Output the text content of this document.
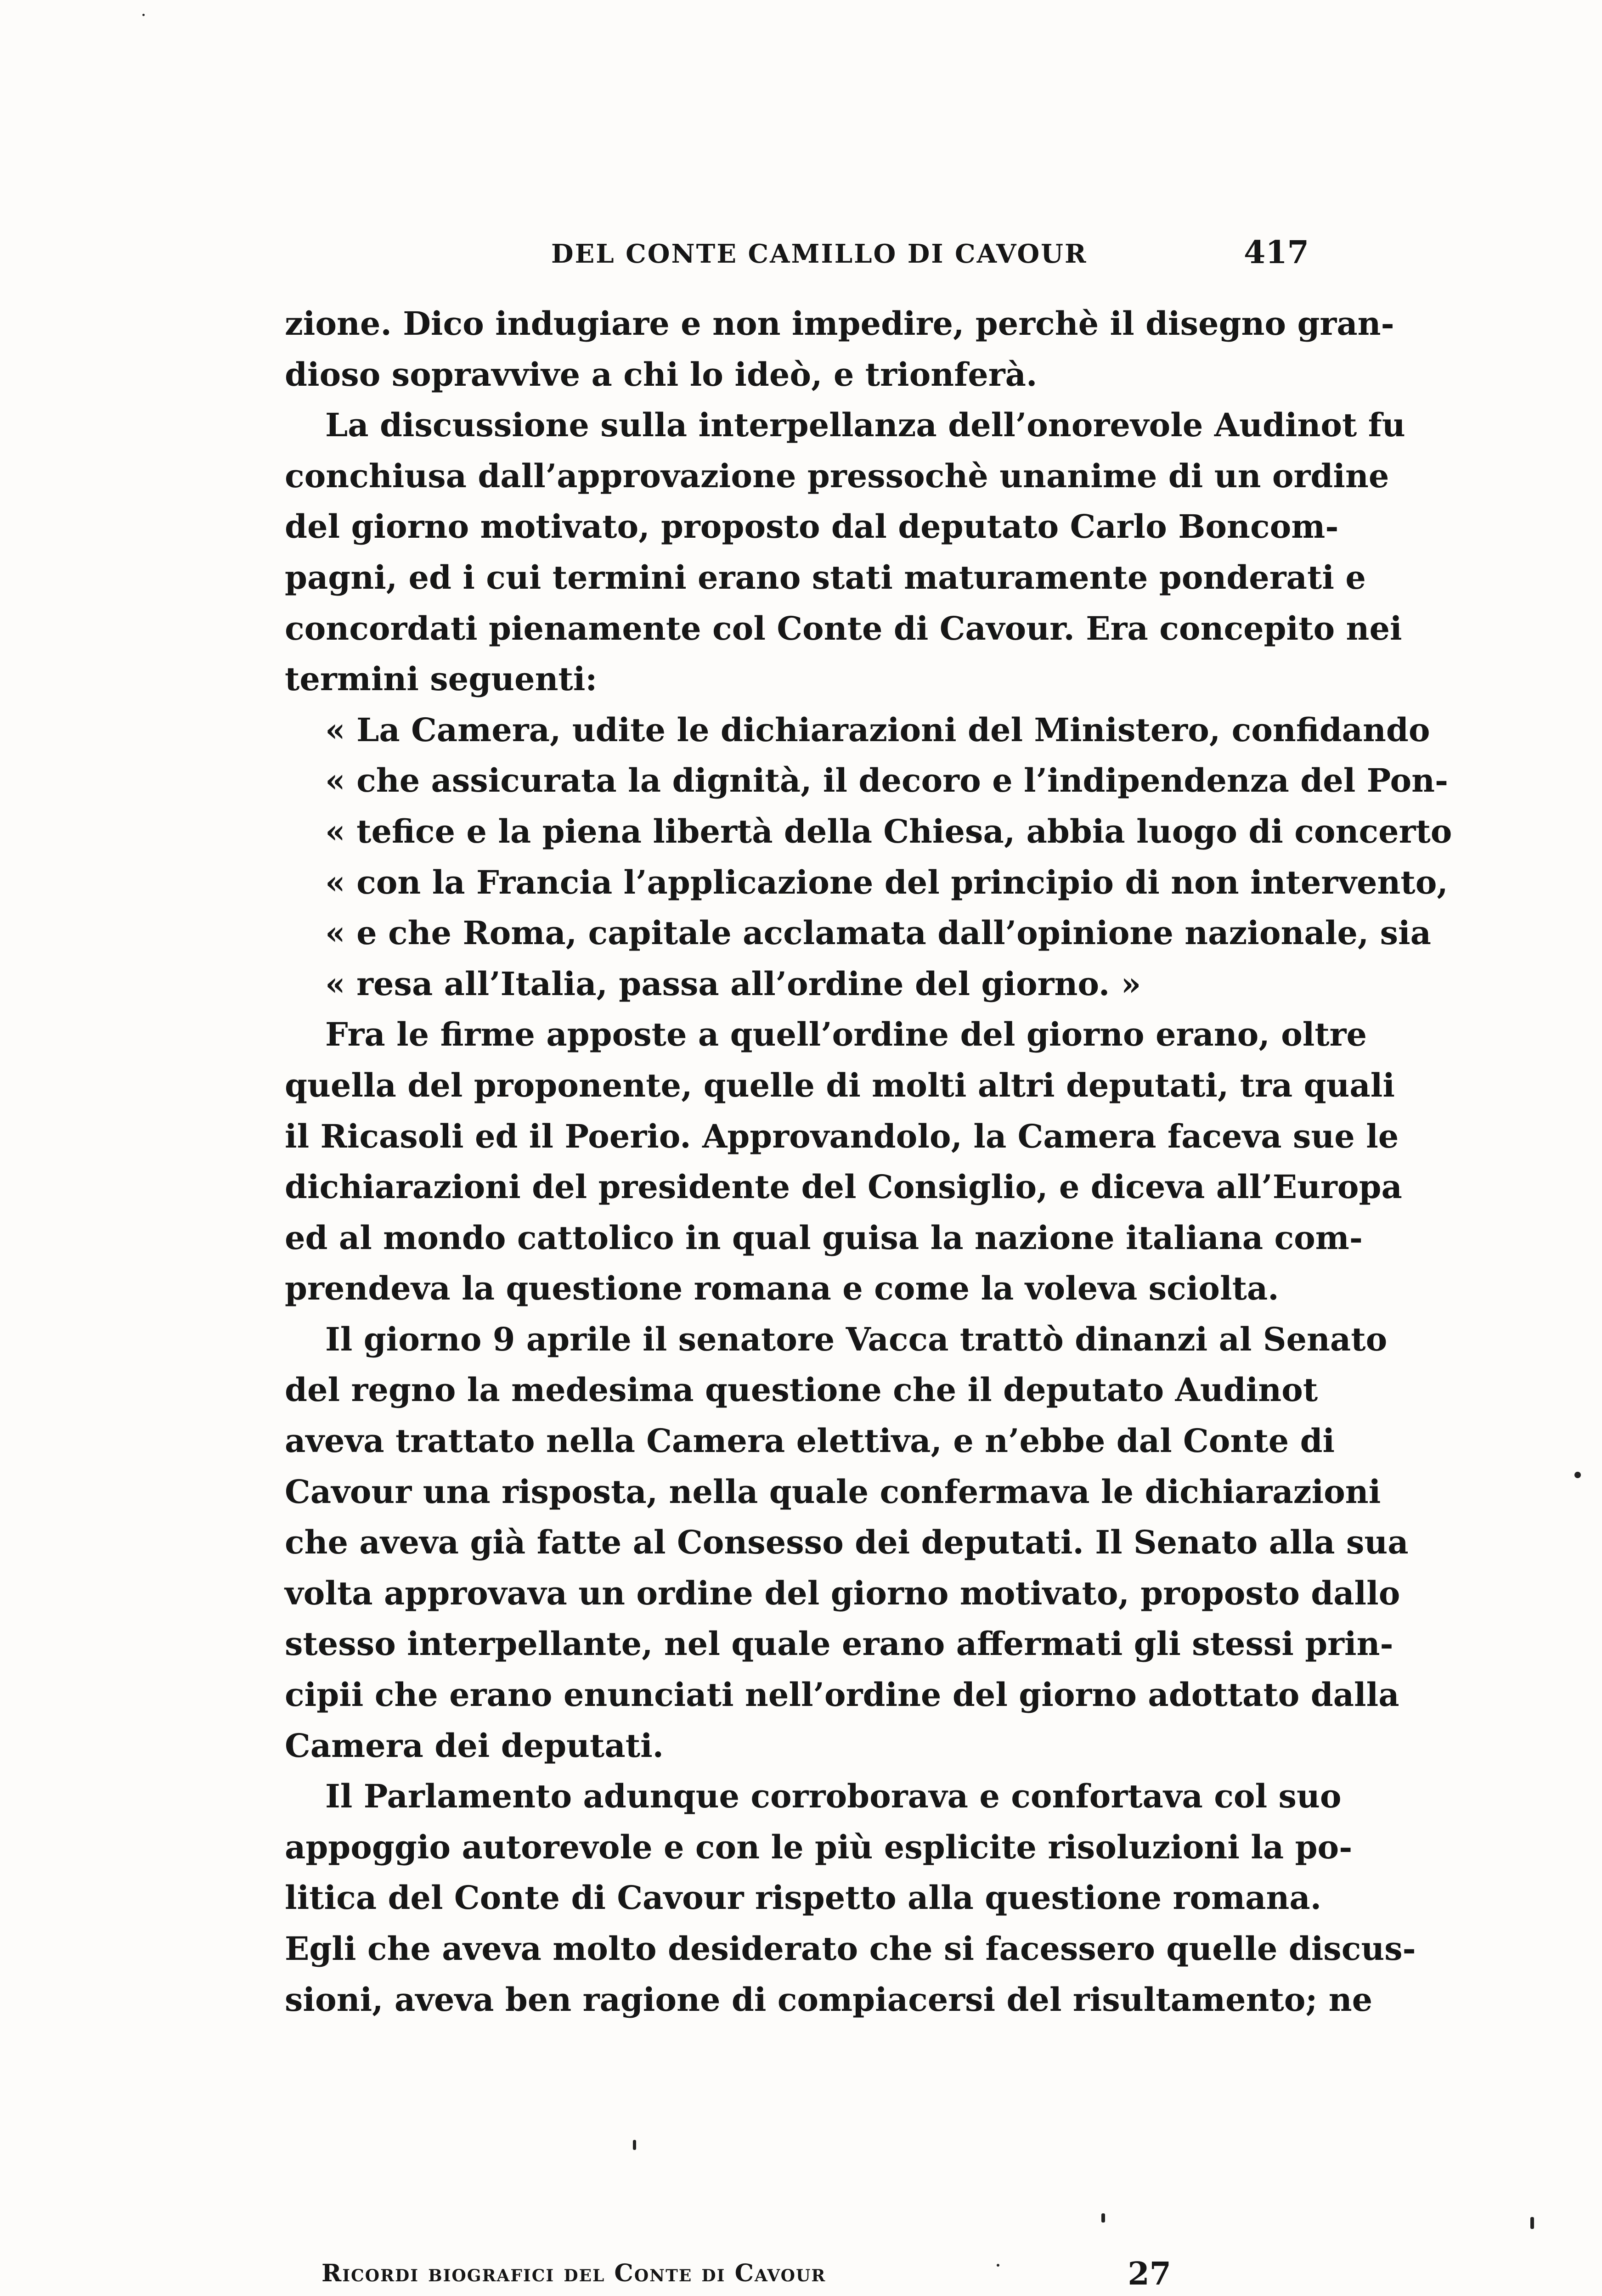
DEL CONTE CAMILLO DI CAVOUR	417
zione. Dico indugiare e non impedire, perchè il disegno gran-
dioso sopravvive a chi lo ideò, e trionferà.
La discussione sulla interpellanza dell’onorevole Audinot fu
conchiusa dall’approvazione pressochè unanime di un ordine
del giorno motivato, proposto dal deputato Carlo Boncom-
pagni, ed i cui termini erano stati maturamente ponderati e
concordati pienamente col Conte di Cavour. Era concepito nei
termini seguenti:
« La Camera, udite le dichiarazioni del Ministero, confidando
« che assicurata la dignità, il decoro e l’indipendenza del Pon-
« tefice e la piena libertà della Chiesa, abbia luogo di concerto
« con la Francia l’applicazione del principio di non intervento,
« e che Roma, capitale acclamata dall’opinione nazionale, sia
« resa all’Italia, passa all’ordine del giorno. »
Fra le firme apposte a quell’ordine del giorno erano, oltre
quella del proponente, quelle di molti altri deputati, tra quali
il Ricasoli ed il Poerio. Approvandolo, la Camera faceva sue le
dichiarazioni del presidente del Consiglio, e diceva all’Europa
ed al mondo cattolico in qual guisa la nazione italiana com-
prendeva la questione romana e come la voleva sciolta.
Il giorno 9 aprile il senatore Vacca trattò dinanzi al Senato
del regno la medesima questione che il deputato Audinot
aveva trattato nella Camera elettiva, e n’ebbe dal Conte di
Cavour una risposta, nella quale confermava le dichiarazioni
che aveva già fatte al Consesso dei deputati. Il Senato alla sua
volta approvava un ordine del giorno motivato, proposto dallo
stesso interpellante, nel quale erano affermati gli stessi prin-
cipii che erano enunciati nell’ordine del giorno adottato dalla
Camera dei deputati.
Il Parlamento adunque corroborava e confortava col suo
appoggio autorevole e con le più esplicite risoluzioni la po-
litica del Conte di Cavour rispetto alla questione romana.
Egli che aveva molto desiderato che si facessero quelle discus-
sioni, aveva ben ragione di compiacersi del risultamento; ne
Ricordi biografici del Conte di Cavour	27
